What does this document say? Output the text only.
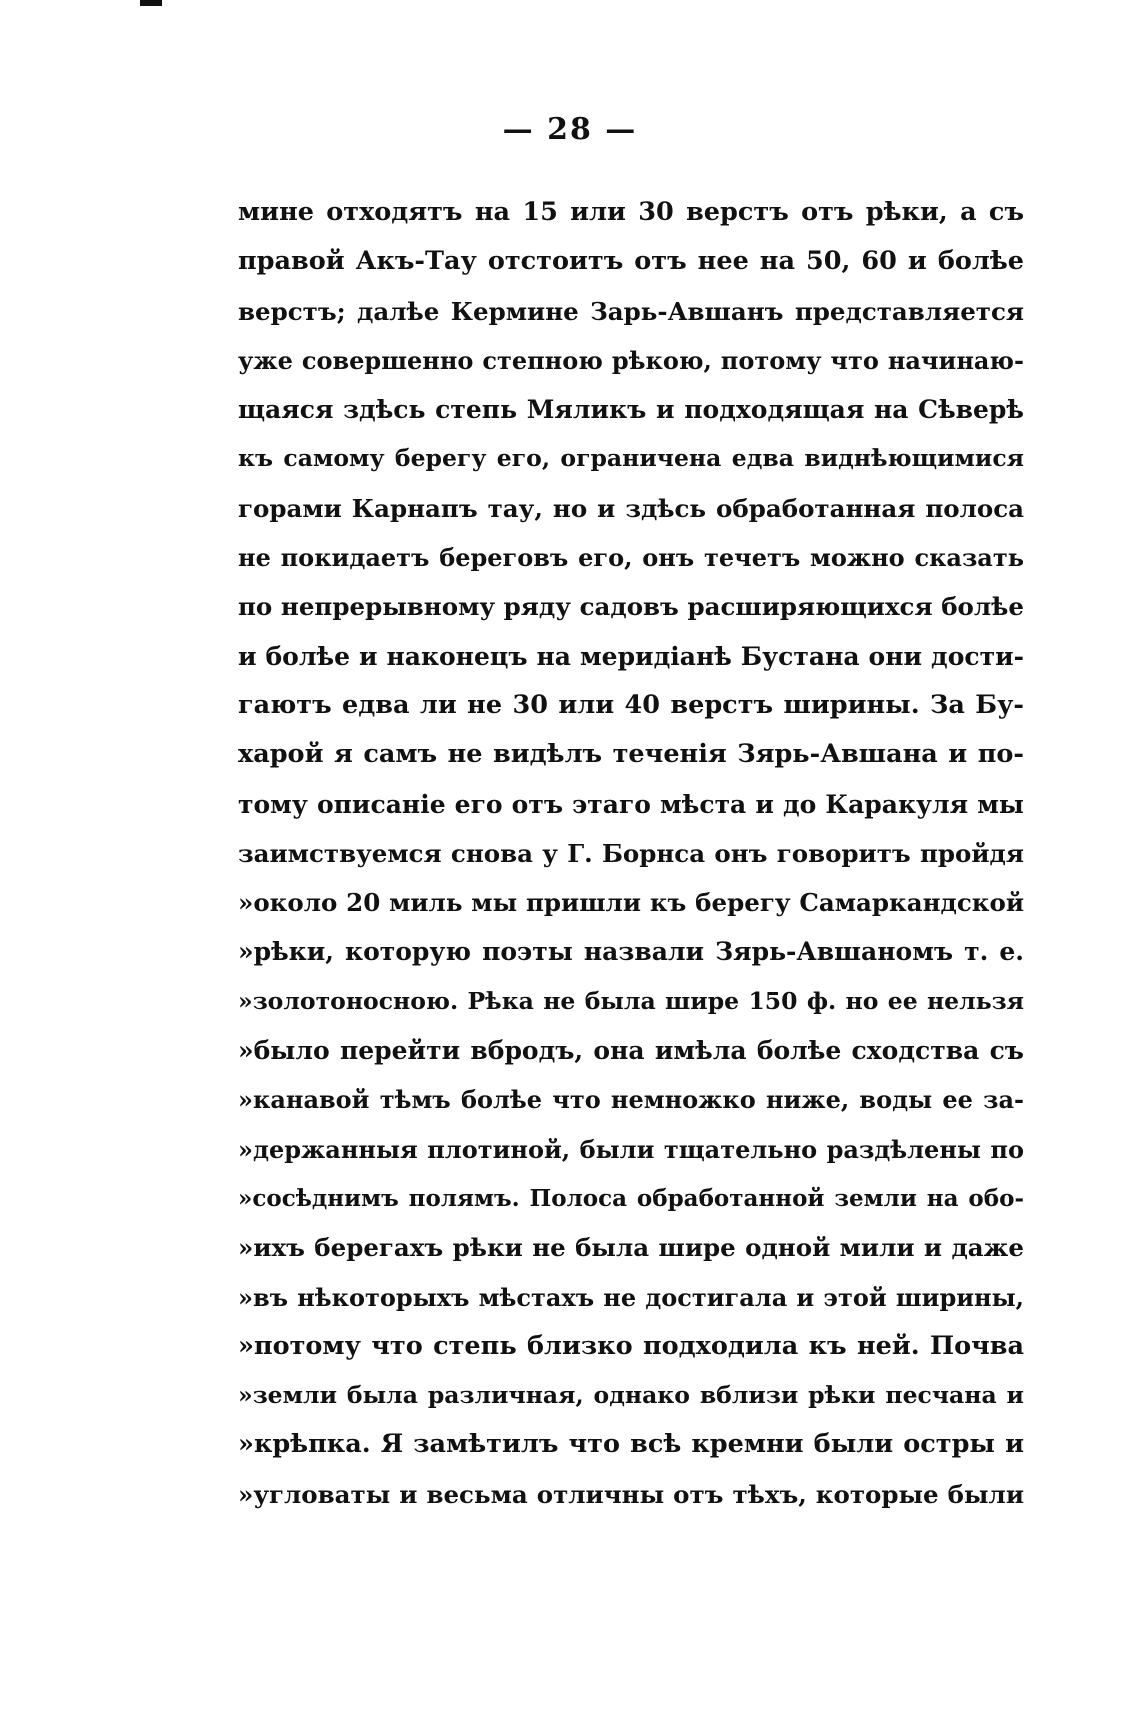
— 28 —
мине отходятъ на 15 или 30 верстъ отъ рѣки, а съ
правой Акъ-Тау отстоитъ отъ нее на 50, 60 и болѣе
верстъ; далѣе Кермине Зарь-Авшанъ представляется
уже совершенно степною рѣкою, потому что начинаю-
щаяся здѣсь степь Мяликъ и подходящая на Сѣверѣ
къ самому берегу его, ограничена едва виднѣющимися
горами Карнапъ тау, но и здѣсь обработанная полоса
не покидаетъ береговъ его, онъ течетъ можно сказать
по непрерывному ряду садовъ расширяющихся болѣе
и болѣе и наконецъ на меридіанѣ Бустана они дости-
гаютъ едва ли не 30 или 40 верстъ ширины. За Бу-
харой я самъ не видѣлъ теченія Зярь-Авшана и по-
тому описаніе его отъ этаго мѣста и до Каракуля мы
заимствуемся снова у Г. Борнса онъ говоритъ пройдя
»около 20 миль мы пришли къ берегу Самаркандской
»рѣки, которую поэты назвали Зярь-Авшаномъ т. е.
»золотоносною. Рѣка не была шире 150 ф. но ее нельзя
»было перейти вбродъ, она имѣла болѣе сходства съ
»канавой тѣмъ болѣе что немножко ниже, воды ее за-
»держанныя плотиной, были тщательно раздѣлены по
»сосѣднимъ полямъ. Полоса обработанной земли на обо-
»ихъ берегахъ рѣки не была шире одной мили и даже
»въ нѣкоторыхъ мѣстахъ не достигала и этой ширины,
»потому что степь близко подходила къ ней. Почва
»земли была различная, однако вблизи рѣки песчана и
»крѣпка. Я замѣтилъ что всѣ кремни были остры и
»угловаты и весьма отличны отъ тѣхъ, которые были
